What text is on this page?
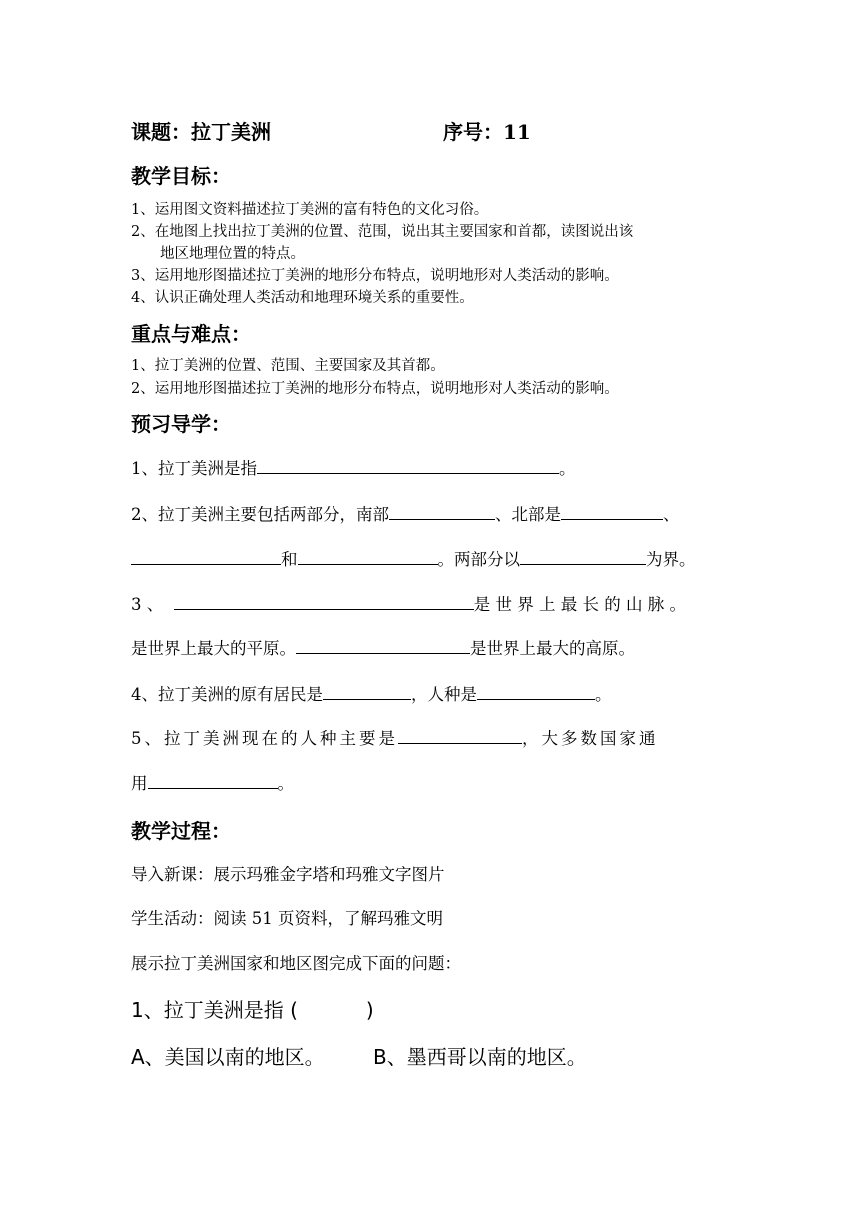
课题：拉丁美洲	序号：11
教学目标：
1、运用图文资料描述拉丁美洲的富有特色的文化习俗。
2、在地图上找出拉丁美洲的位置、范围，说出其主要国家和首都，读图说出该
地区地理位置的特点。
3、运用地形图描述拉丁美洲的地形分布特点，说明地形对人类活动的影响。
4、认识正确处理人类活动和地理环境关系的重要性。
重点与难点：
1、拉丁美洲的位置、范围、主要国家及其首都。
2、运用地形图描述拉丁美洲的地形分布特点，说明地形对人类活动的影响。
预习导学：
1、拉丁美洲是指	。
2、拉丁美洲主要包括两部分，南部	、北部是	、
和	。两部分以	为界。
3 、	是 世 界 上 最 长 的 山 脉 。
是世界上最大的平原。	是世界上最大的高原。
4、拉丁美洲的原有居民是	，人种是	。
5、拉丁美洲现在的人种主要是	，大多数国家通
用	。
教学过程：
导入新课：展示玛雅金字塔和玛雅文字图片
学生活动：阅读 51 页资料，了解玛雅文明
展示拉丁美洲国家和地区图完成下面的问题：
1、拉丁美洲是指 (	)
A、美国以南的地区。 B、墨西哥以南的地区。
